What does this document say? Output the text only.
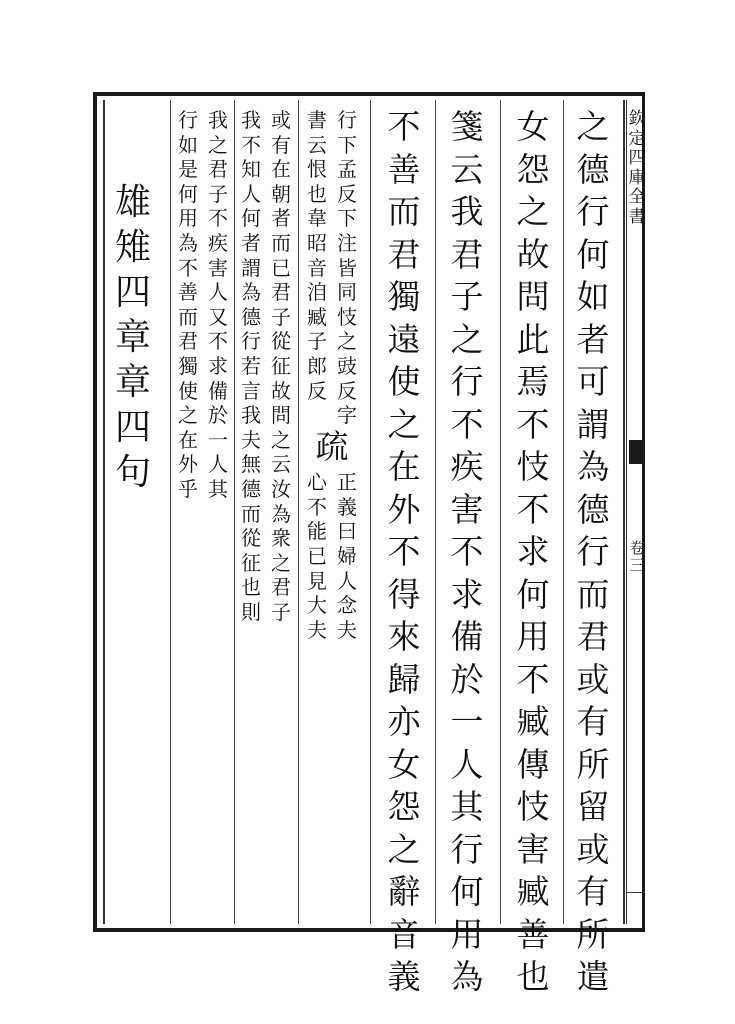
欽
定
四
庫
全
書
卷
三
之
德
行
何
如
者
可
謂
為
德
行
而
君
或
有
所
留
或
有
所
遣
女
怨
之
故
問
此
焉
不
忮
不
求
何
用
不
臧
傳
忮
害
臧
善
也
箋
云
我
君
子
之
行
不
疾
害
不
求
備
於
一
人
其
行
何
用
為
不
善
而
君
獨
遠
使
之
在
外
不
得
來
歸
亦
女
怨
之
辭
音
義
行
下
孟
反
下
注
皆
同
忮
之
豉
反
字
書
云
恨
也
韋
昭
音
洎
臧
子
郎
反
疏
正
義
曰
婦
人
念
夫
心
不
能
已
見
大
夫
或
有
在
朝
者
而
已
君
子
從
征
故
問
之
云
汝
為
衆
之
君
子
我
不
知
人
何
者
謂
為
德
行
若
言
我
夫
無
德
而
從
征
也
則
我
之
君
子
不
疾
害
人
又
不
求
備
於
一
人
其
行
如
是
何
用
為
不
善
而
君
獨
使
之
在
外
乎
雄
雉
四
章
章
四
句
